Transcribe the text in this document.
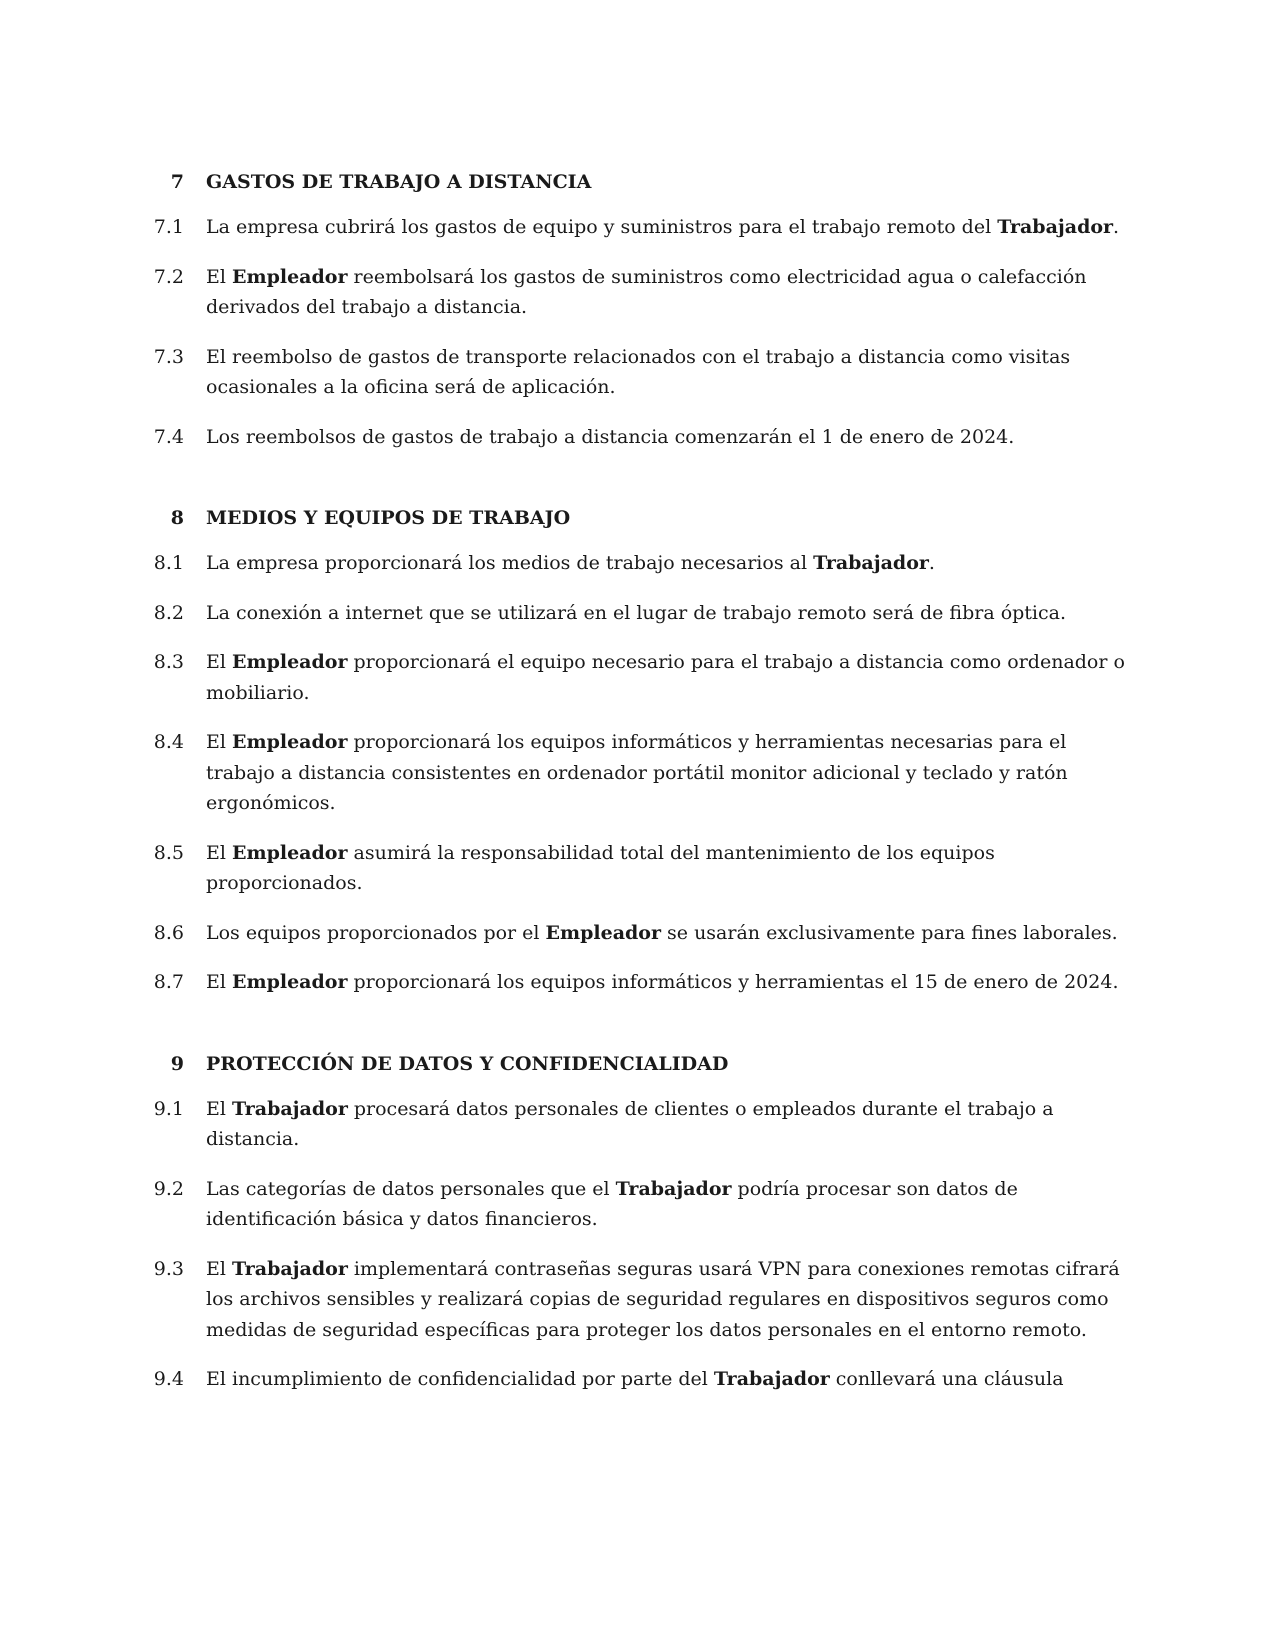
7 GASTOS DE TRABAJO A DISTANCIA
7.1 La empresa cubrirá los gastos de equipo y suministros para el trabajo remoto del Trabajador.
7.2 El Empleador reembolsará los gastos de suministros como electricidad agua o calefacción derivados del trabajo a distancia.
7.3 El reembolso de gastos de transporte relacionados con el trabajo a distancia como visitas ocasionales a la oficina será de aplicación.
7.4 Los reembolsos de gastos de trabajo a distancia comenzarán el 1 de enero de 2024.
8 MEDIOS Y EQUIPOS DE TRABAJO
8.1 La empresa proporcionará los medios de trabajo necesarios al Trabajador.
8.2 La conexión a internet que se utilizará en el lugar de trabajo remoto será de fibra óptica.
8.3 El Empleador proporcionará el equipo necesario para el trabajo a distancia como ordenador o mobiliario.
8.4 El Empleador proporcionará los equipos informáticos y herramientas necesarias para el trabajo a distancia consistentes en ordenador portátil monitor adicional y teclado y ratón ergonómicos.
8.5 El Empleador asumirá la responsabilidad total del mantenimiento de los equipos proporcionados.
8.6 Los equipos proporcionados por el Empleador se usarán exclusivamente para fines laborales.
8.7 El Empleador proporcionará los equipos informáticos y herramientas el 15 de enero de 2024.
9 PROTECCIÓN DE DATOS Y CONFIDENCIALIDAD
9.1 El Trabajador procesará datos personales de clientes o empleados durante el trabajo a distancia.
9.2 Las categorías de datos personales que el Trabajador podría procesar son datos de identificación básica y datos financieros.
9.3 El Trabajador implementará contraseñas seguras usará VPN para conexiones remotas cifrará los archivos sensibles y realizará copias de seguridad regulares en dispositivos seguros como medidas de seguridad específicas para proteger los datos personales en el entorno remoto.
9.4 El incumplimiento de confidencialidad por parte del Trabajador conllevará una cláusula
